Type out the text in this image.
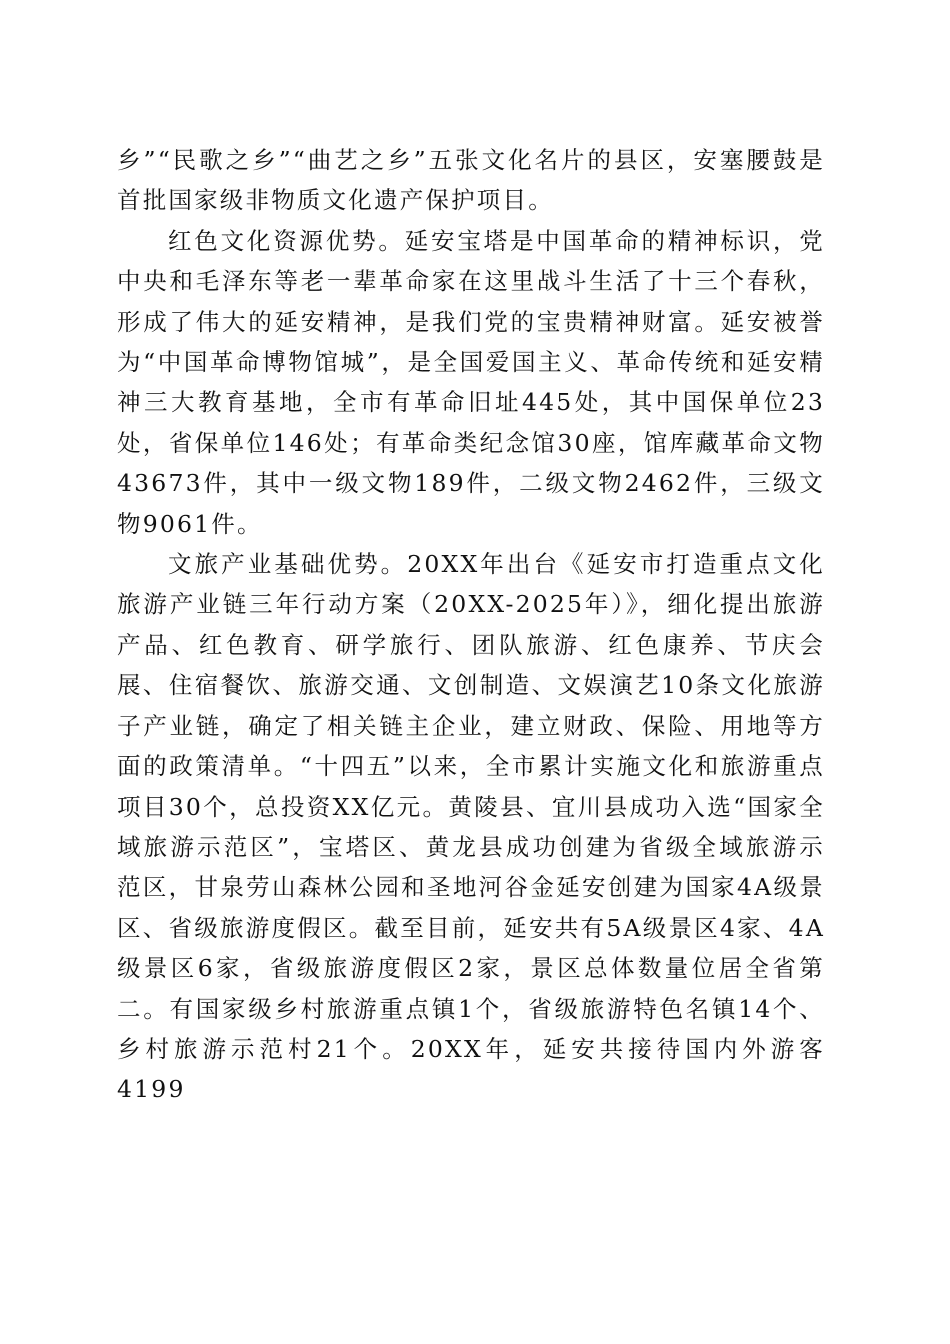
乡”“民歌之乡”“曲艺之乡”五张文化名片的县区，安塞腰鼓是首批国家级非物质文化遗产保护项目。

红色文化资源优势。延安宝塔是中国革命的精神标识，党中央和毛泽东等老一辈革命家在这里战斗生活了十三个春秋，形成了伟大的延安精神，是我们党的宝贵精神财富。延安被誉为“中国革命博物馆城”，是全国爱国主义、革命传统和延安精神三大教育基地，全市有革命旧址445处，其中国保单位23处，省保单位146处；有革命类纪念馆30座，馆库藏革命文物43673件，其中一级文物189件，二级文物2462件，三级文物9061件。

文旅产业基础优势。20XX年出台《延安市打造重点文化旅游产业链三年行动方案（20XX-2025年）》，细化提出旅游产品、红色教育、研学旅行、团队旅游、红色康养、节庆会展、住宿餐饮、旅游交通、文创制造、文娱演艺10条文化旅游子产业链，确定了相关链主企业，建立财政、保险、用地等方面的政策清单。“十四五”以来，全市累计实施文化和旅游重点项目30个，总投资XX亿元。黄陵县、宜川县成功入选“国家全域旅游示范区”，宝塔区、黄龙县成功创建为省级全域旅游示范区，甘泉劳山森林公园和圣地河谷金延安创建为国家4A级景区、省级旅游度假区。截至目前，延安共有5A级景区4家、4A级景区6家，省级旅游度假区2家，景区总体数量位居全省第二。有国家级乡村旅游重点镇1个，省级旅游特色名镇14个、乡村旅游示范村21个。20XX年，延安共接待国内外游客4199
